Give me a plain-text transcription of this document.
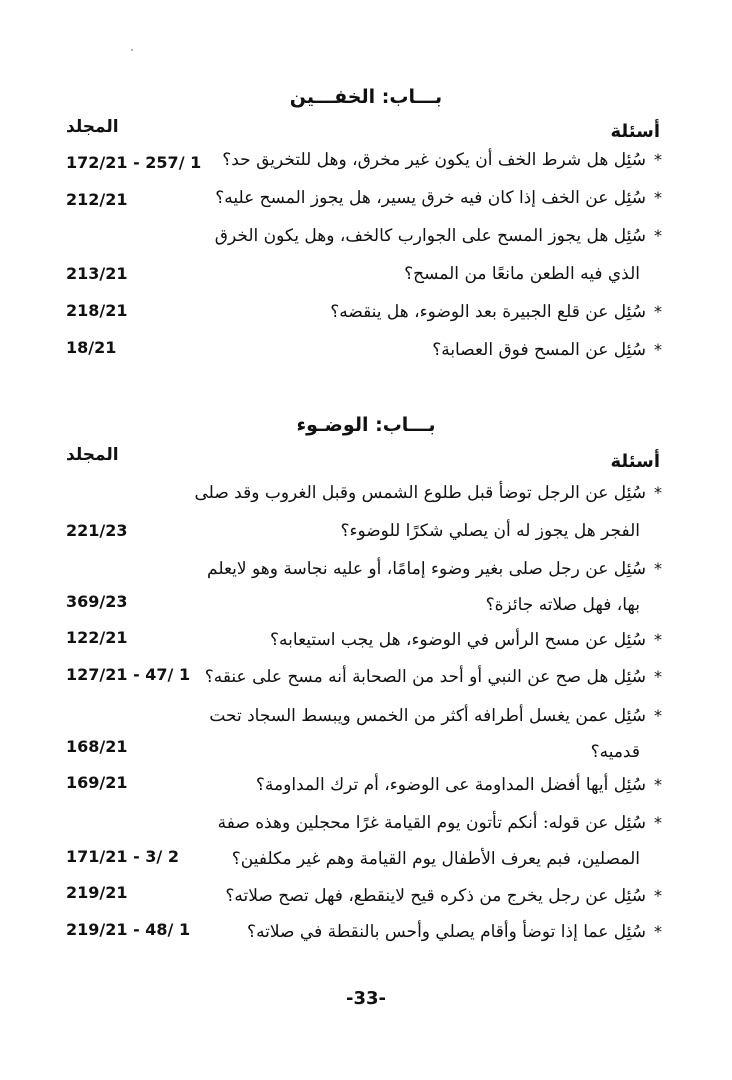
بـــاب: الخفـــين
أسئلة
المجلد
*سُئِل هل شرط الخف أن يكون غير مخرق، وهل للتخريق حد؟
172/21 - 257/ 1
*سُئِل عن الخف إذا كان فيه خرق يسير، هل يجوز المسح عليه؟
212/21
*سُئِل هل يجوز المسح على الجوارب كالخف، وهل يكون الخرق
الذي فيه الطعن مانعًا من المسح؟
213/21
*سُئِل عن قلع الجبيرة بعد الوضوء، هل ينقضه؟
218/21
*سُئِل عن المسح فوق العصابة؟
18/21
بـــاب: الوضـوء
أسئلة
المجلد
*سُئِل عن الرجل توضأ قبل طلوع الشمس وقبل الغروب وقد صلى
الفجر هل يجوز له أن يصلي شكرًا للوضوء؟
221/23
*سُئِل عن رجل صلى بغير وضوء إمامًا، أو عليه نجاسة وهو لايعلم
بها، فهل صلاته جائزة؟
369/23
*سُئِل عن مسح الرأس في الوضوء، هل يجب استيعابه؟
122/21
*سُئِل هل صح عن النبي أو أحد من الصحابة أنه مسح على عنقه؟
127/21 - 47/ 1
*سُئِل عمن يغسل أطرافه أكثر من الخمس ويبسط السجاد تحت
قدميه؟
168/21
*سُئِل أيها أفضل المداومة عى الوضوء، أم ترك المداومة؟
169/21
*سُئِل عن قوله: أنكم تأتون يوم القيامة غرًا محجلين وهذه صفة
المصلين، فبم يعرف الأطفال يوم القيامة وهم غير مكلفين؟
171/21 - 3/ 2
*سُئِل عن رجل يخرج من ذكره قيح لاينقطع، فهل تصح صلاته؟
219/21
*سُئِل عما إذا توضأ وأقام يصلي وأحس بالنقطة في صلاته؟
219/21 - 48/ 1
-33-
